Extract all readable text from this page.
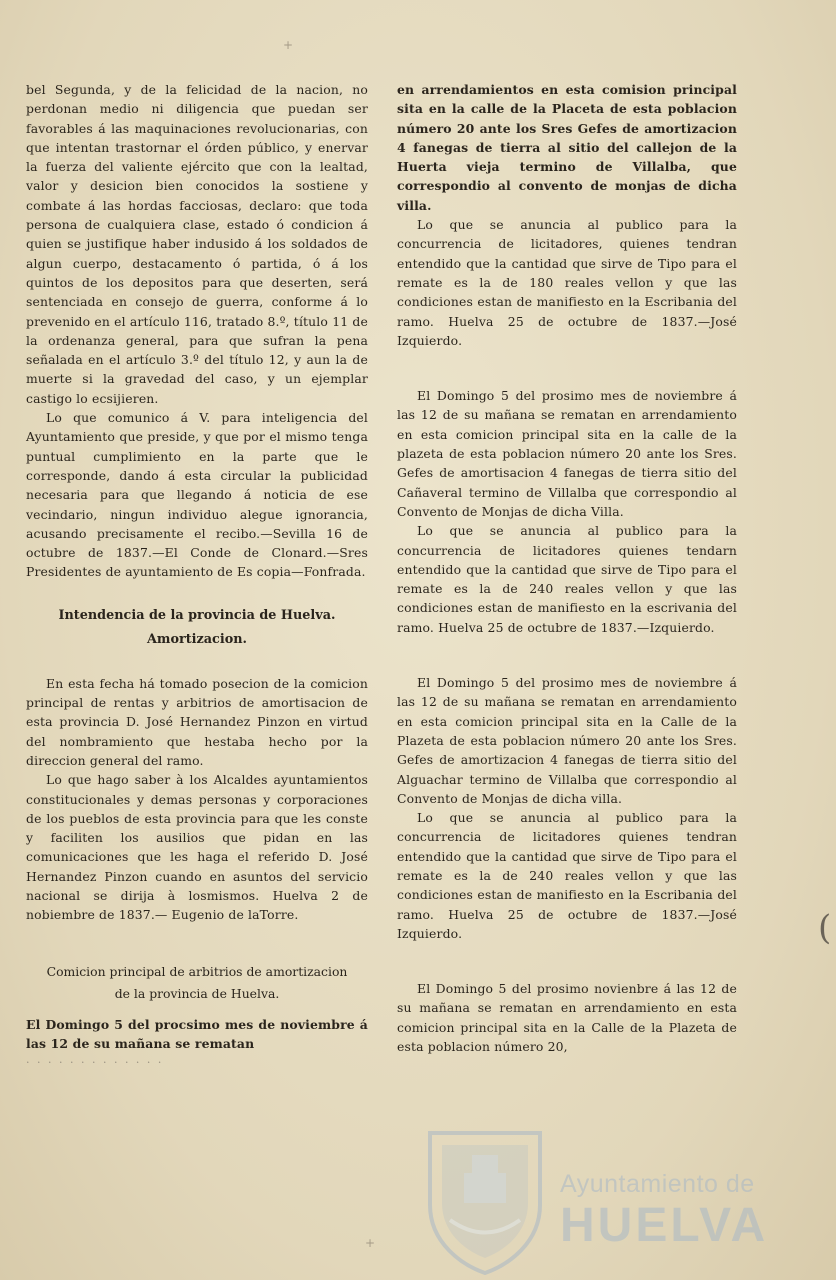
bel Segunda, y de la felicidad de la nacion, no perdonan medio ni diligencia que puedan ser favorables á las maquinaciones revolucionarias, con que intentan trastornar el órden público, y enervar la fuerza del valiente ejército que con la lealtad, valor y desicion bien conocidos la sostiene y combate á las hordas facciosas, declaro: que toda persona de cualquiera clase, estado ó condicion á quien se justifique haber indusido á los soldados de algun cuerpo, destacamento ó partida, ó á los quintos de los depositos para que deserten, será sentenciada en consejo de guerra, conforme á lo prevenido en el artículo 116, tratado 8.º, título 11 de la ordenanza general, para que sufran la pena señalada en el artículo 3.º del título 12, y aun la de muerte si la gravedad del caso, y un ejemplar castigo lo ecsijieren.

Lo que comunico á V. para inteligencia del Ayuntamiento que preside, y que por el mismo tenga puntual cumplimiento en la parte que le corresponde, dando á esta circular la publicidad necesaria para que llegando á noticia de ese vecindario, ningun individuo alegue ignorancia, acusando precisamente el recibo.—Sevilla 16 de octubre de 1837.—El Conde de Clonard.—Sres Presidentes de ayuntamiento de Es copia—Fonfrada.

Intendencia de la provincia de Huelva.
Amortizacion.

En esta fecha há tomado posecion de la comicion principal de rentas y arbitrios de amortisacion de esta provincia D. José Hernandez Pinzon en virtud del nombramiento que hestaba hecho por la direccion general del ramo.

Lo que hago saber à los Alcaldes ayuntamientos constitucionales y demas personas y corporaciones de los pueblos de esta provincia para que les conste y faciliten los ausilios que pidan en las comunicaciones que les haga el referido D. José Hernandez Pinzon cuando en asuntos del servicio nacional se dirija à losmismos. Huelva 2 de nobiembre de 1837.— Eugenio de laTorre.

Comicion principal de arbitrios de amortizacion
de la provincia de Huelva.

El Domingo 5 del procsimo mes de noviembre á las 12 de su mañana se rematan

· · · · · · · · · · · · ·

en arrendamientos en esta comision principal sita en la calle de la Placeta de esta poblacion número 20 ante los Sres Gefes de amortizacion 4 fanegas de tierra al sitio del callejon de la Huerta vieja termino de Villalba, que correspondio al convento de monjas de dicha villa.

Lo que se anuncia al publico para la concurrencia de licitadores, quienes tendran entendido que la cantidad que sirve de Tipo para el remate es la de 180 reales vellon y que las condiciones estan de manifiesto en la Escribania del ramo. Huelva 25 de octubre de 1837.—José Izquierdo.

El Domingo 5 del prosimo mes de noviembre á las 12 de su mañana se rematan en arrendamiento en esta comicion principal sita en la calle de la plazeta de esta poblacion número 20 ante los Sres. Gefes de amortisacion 4 fanegas de tierra sitio del Cañaveral termino de Villalba que correspondio al Convento de Monjas de dicha Villa.

Lo que se anuncia al publico para la concurrencia de licitadores quienes tendarn entendido que la cantidad que sirve de Tipo para el remate es la de 240 reales vellon y que las condiciones estan de manifiesto en la escrivania del ramo. Huelva 25 de octubre de 1837.—Izquierdo.

El Domingo 5 del prosimo mes de noviembre á las 12 de su mañana se rematan en arrendamiento en esta comicion principal sita en la Calle de la Plazeta de esta poblacion número 20 ante los Sres. Gefes de amortizacion 4 fanegas de tierra sitio del Alguachar termino de Villalba que correspondio al Convento de Monjas de dicha villa.

Lo que se anuncia al publico para la concurrencia de licitadores quienes tendran entendido que la cantidad que sirve de Tipo para el remate es la de 240 reales vellon y que las condiciones estan de manifiesto en la Escribania del ramo. Huelva 25 de octubre de 1837.—José Izquierdo.

El Domingo 5 del prosimo novienbre á las 12 de su mañana se rematan en arrendamiento en esta comicion principal sita en la Calle de la Plazeta de esta poblacion número 20,

(
+
+
Ayuntamiento de
HUELVA
